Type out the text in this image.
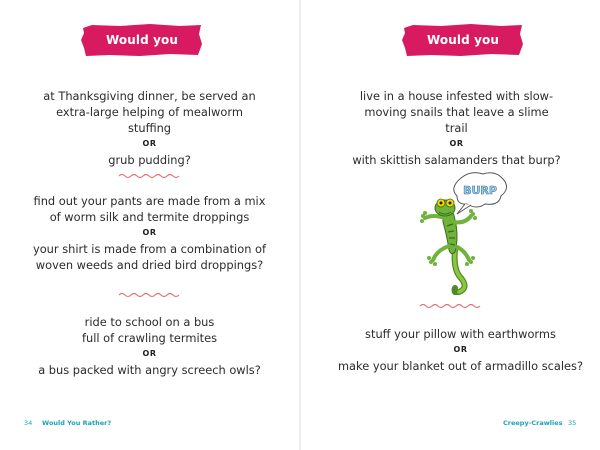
Would you rather...

at Thanksgiving dinner, be served an extra-large helping of mealworm stuffing

OR

grub pudding?

find out your pants are made from a mix of worm silk and termite droppings

OR

your shirt is made from a combination of woven weeds and dried bird droppings?

ride to school on a bus full of crawling termites

OR

a bus packed with angry screech owls?

34 Would You Rather?
Would you rather...

live in a house infested with slow-moving snails that leave a slime trail

OR

with skittish salamanders that burp?

BURP

stuff your pillow with earthworms

OR

make your blanket out of armadillo scales?

Creepy-Crawlies 35
